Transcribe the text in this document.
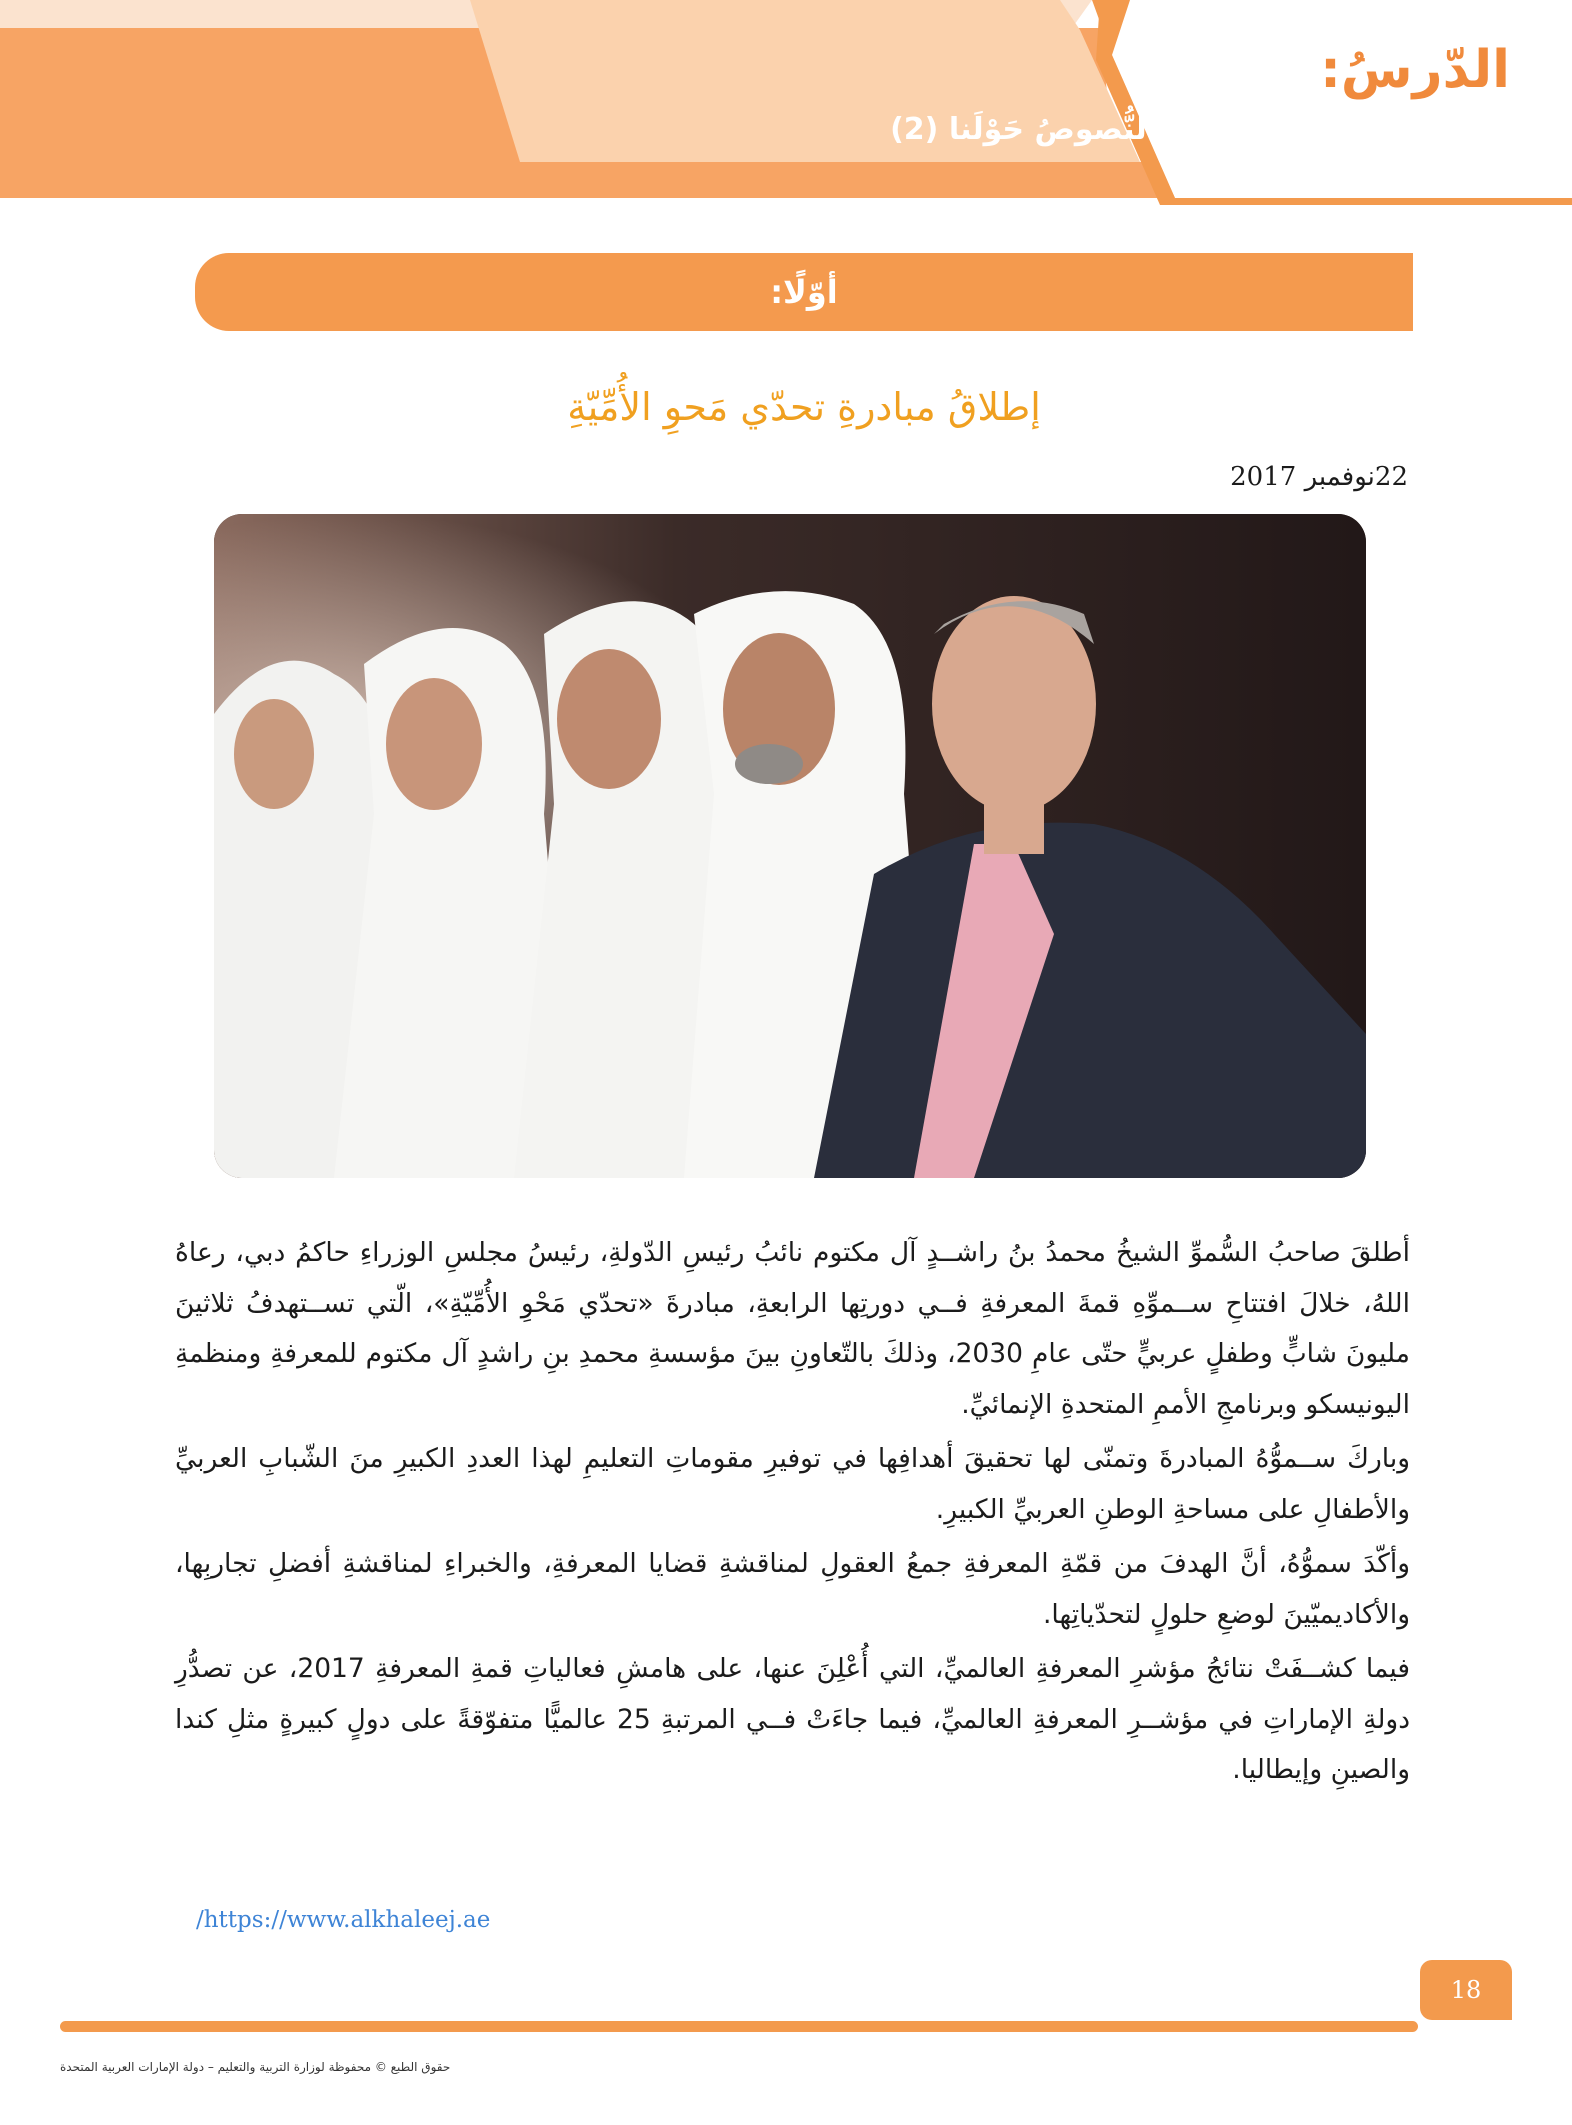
الدّرسُ:
النُّصوصُ حَوْلَنا (2)
أوّلًا:
إطلاقُ مبادرةِ تحدّي مَحوِ الأُمِّيّةِ
22نوفمبر 2017

أطلقَ صاحبُ السُّموِّ الشيخُ محمدُ بنُ راشــدٍ آل مكتوم نائبُ رئيسِ الدّولةِ، رئيسُ مجلسِ الوزراءِ حاكمُ دبي، رعاهُ اللهُ، خلالَ افتتاحِ ســموِّهِ قمةَ المعرفةِ فــي دورتِها الرابعةِ، مبادرةَ «تحدّي مَحْوِ الأُمِّيّةِ»، الّتي تســتهدفُ ثلاثينَ مليونَ شابٍّ وطفلٍ عربيٍّ حتّى عامِ 2030، وذلكَ بالتّعاونِ بينَ مؤسسةِ محمدِ بنِ راشدٍ آل مكتوم للمعرفةِ ومنظمةِ اليونيسكو وبرنامجِ الأممِ المتحدةِ الإنمائيِّ.

وباركَ ســموُّهُ المبادرةَ وتمنّى لها تحقيقَ أهدافِها في توفيرِ مقوماتِ التعليمِ لهذا العددِ الكبيرِ منَ الشّبابِ العربيِّ والأطفالِ على مساحةِ الوطنِ العربيِّ الكبيرِ.

وأكّدَ سموُّهُ، أنَّ الهدفَ من قمّةِ المعرفةِ جمعُ العقولِ لمناقشةِ قضايا المعرفةِ، والخبراءِ لمناقشةِ أفضلِ تجاربِها، والأكاديميّينَ لوضعِ حلولٍ لتحدّياتِها.

فيما كشــفَتْ نتائجُ مؤشرِ المعرفةِ العالميِّ، التي أُعْلِنَ عنها، على هامشِ فعالياتِ قمةِ المعرفةِ 2017، عن تصدُّرِ دولةِ الإماراتِ في مؤشــرِ المعرفةِ العالميِّ، فيما جاءَتْ فــي المرتبةِ 25 عالميًّا متفوّقةً على دولٍ كبيرةٍ مثلِ كندا والصينِ وإيطاليا.

/https://www.alkhaleej.ae
18
حقوق الطبع © محفوظة لوزارة التربية والتعليم – دولة الإمارات العربية المتحدة
